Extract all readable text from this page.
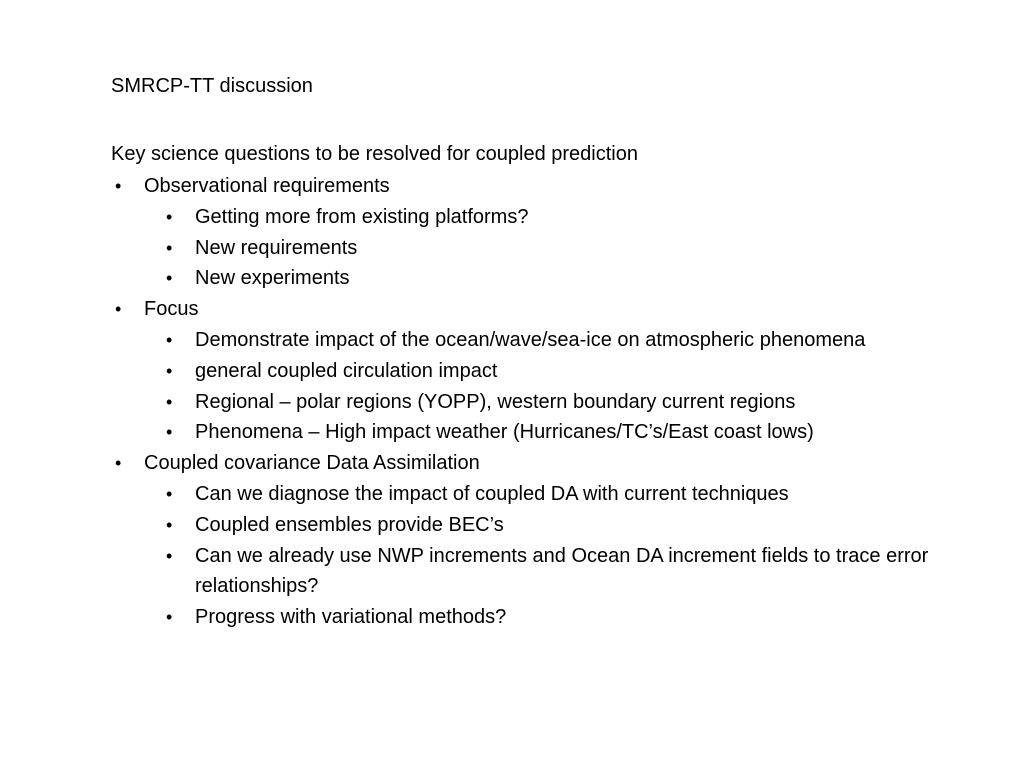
SMRCP-TT discussion
Key science questions to be resolved for coupled prediction
• Observational requirements
• Getting more from existing platforms?
• New requirements
• New experiments
• Focus
• Demonstrate impact of the ocean/wave/sea-ice on atmospheric phenomena
• general coupled circulation impact
• Regional – polar regions (YOPP), western boundary current regions
• Phenomena – High impact weather (Hurricanes/TC’s/East coast lows)
• Coupled covariance Data Assimilation
• Can we diagnose the impact of coupled DA with current techniques
• Coupled ensembles provide BEC’s
• Can we already use NWP increments and Ocean DA increment fields to trace error relationships?
• Progress with variational methods?
